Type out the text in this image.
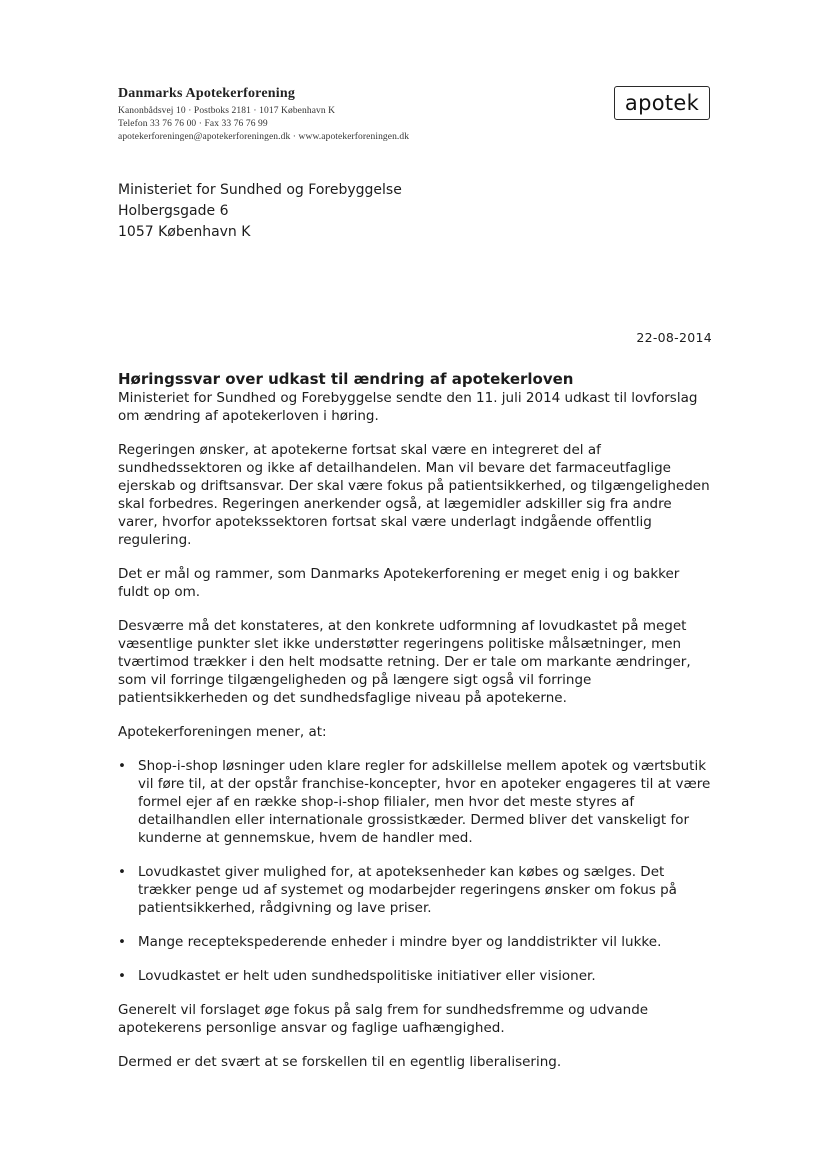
Danmarks Apotekerforening
Kanonbådsvej 10 · Postboks 2181 · 1017 København K
Telefon 33 76 76 00 · Fax 33 76 76 99
apotekerforeningen@apotekerforeningen.dk · www.apotekerforeningen.dk
apotek
Ministeriet for Sundhed og Forebyggelse
Holbergsgade 6
1057 København K
22-08-2014
Høringssvar over udkast til ændring af apotekerloven

Ministeriet for Sundhed og Forebyggelse sendte den 11. juli 2014 udkast til lovforslag om ændring af apotekerloven i høring.

Regeringen ønsker, at apotekerne fortsat skal være en integreret del af sundhedssektoren og ikke af detailhandelen. Man vil bevare det farmaceutfaglige ejerskab og driftsansvar. Der skal være fokus på patientsikkerhed, og tilgængeligheden skal forbedres. Regeringen anerkender også, at lægemidler adskiller sig fra andre varer, hvorfor apotekssektoren fortsat skal være underlagt indgående offentlig regulering.

Det er mål og rammer, som Danmarks Apotekerforening er meget enig i og bakker fuldt op om.

Desværre må det konstateres, at den konkrete udformning af lovudkastet på meget væsentlige punkter slet ikke understøtter regeringens politiske målsætninger, men tværtimod trækker i den helt modsatte retning. Der er tale om markante ændringer, som vil forringe tilgængeligheden og på længere sigt også vil forringe patientsikkerheden og det sundhedsfaglige niveau på apotekerne.

Apotekerforeningen mener, at:

• Shop-i-shop løsninger uden klare regler for adskillelse mellem apotek og værtsbutik vil føre til, at der opstår franchise-koncepter, hvor en apoteker engageres til at være formel ejer af en række shop-i-shop filialer, men hvor det meste styres af detailhandlen eller internationale grossistkæder. Dermed bliver det vanskeligt for kunderne at gennemskue, hvem de handler med.
• Lovudkastet giver mulighed for, at apoteksenheder kan købes og sælges. Det trækker penge ud af systemet og modarbejder regeringens ønsker om fokus på patientsikkerhed, rådgivning og lave priser.
• Mange receptekspederende enheder i mindre byer og landdistrikter vil lukke.
• Lovudkastet er helt uden sundhedspolitiske initiativer eller visioner.

Generelt vil forslaget øge fokus på salg frem for sundhedsfremme og udvande apotekerens personlige ansvar og faglige uafhængighed.

Dermed er det svært at se forskellen til en egentlig liberalisering.
